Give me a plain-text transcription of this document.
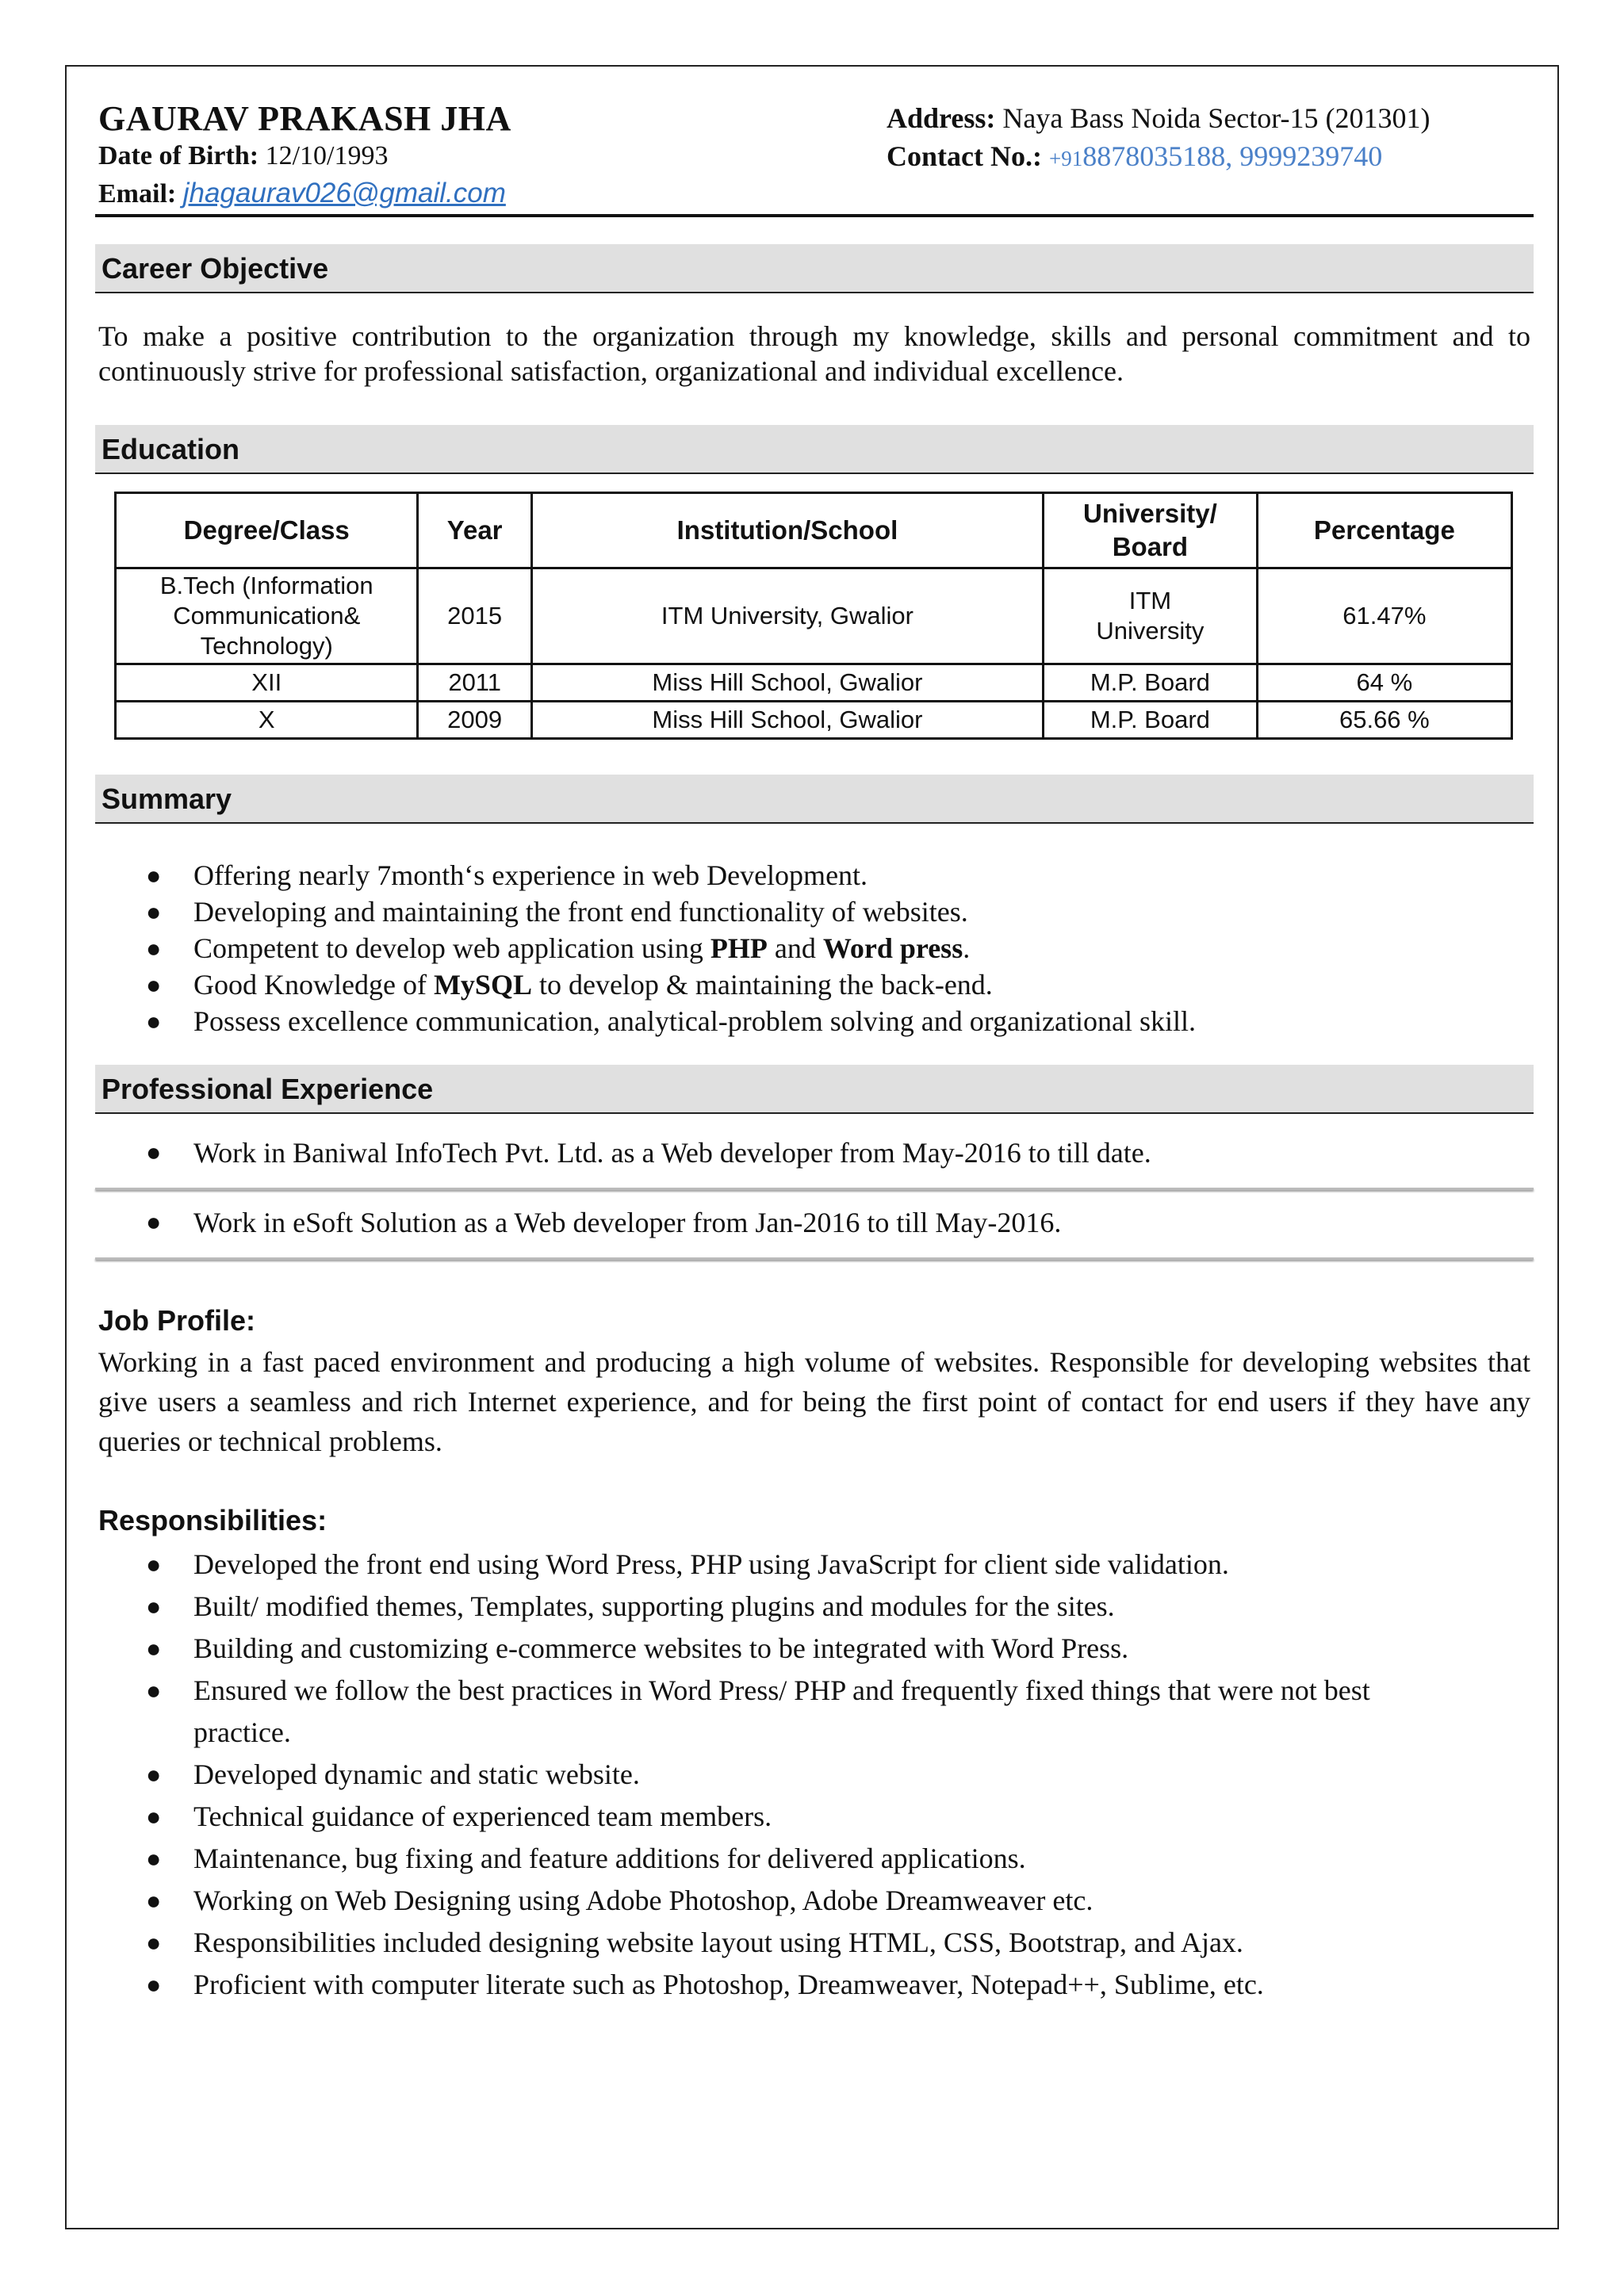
GAURAV PRAKASH JHA
Date of Birth: 12/10/1993
Email: jhagaurav026@gmail.com
Address: Naya Bass Noida Sector-15 (201301)
Contact No.: +918878035188, 9999239740
Career Objective

To make a positive contribution to the organization through my knowledge, skills and personal commitment and to continuously strive for professional satisfaction, organizational and individual excellence.

Education
Degree/Class	Year	Institution/School	University/ Board	Percentage
B.Tech (Information Communication& Technology)	2015	ITM University, Gwalior	ITM University	61.47%
XII	2011	Miss Hill School, Gwalior	M.P. Board	64 %
X	2009	Miss Hill School, Gwalior	M.P. Board	65.66 %
Summary
● Offering nearly 7month‘s experience in web Development.
● Developing and maintaining the front end functionality of websites.
● Competent to develop web application using PHP and Word press.
● Good Knowledge of MySQL to develop & maintaining the back-end.
● Possess excellence communication, analytical-problem solving and organizational skill.
Professional Experience
● Work in Baniwal InfoTech Pvt. Ltd. as a Web developer from May-2016 to till date.
● Work in eSoft Solution as a Web developer from Jan-2016 to till May-2016.
Job Profile:

Working in a fast paced environment and producing a high volume of websites. Responsible for developing websites that give users a seamless and rich Internet experience, and for being the first point of contact for end users if they have any queries or technical problems.

Responsibilities:
● Developed the front end using Word Press, PHP using JavaScript for client side validation.
● Built/ modified themes, Templates, supporting plugins and modules for the sites.
● Building and customizing e-commerce websites to be integrated with Word Press.
● Ensured we follow the best practices in Word Press/ PHP and frequently fixed things that were not best practice.
● Developed dynamic and static website.
● Technical guidance of experienced team members.
● Maintenance, bug fixing and feature additions for delivered applications.
● Working on Web Designing using Adobe Photoshop, Adobe Dreamweaver etc.
● Responsibilities included designing website layout using HTML, CSS, Bootstrap, and Ajax.
● Proficient with computer literate such as Photoshop, Dreamweaver, Notepad++, Sublime, etc.
